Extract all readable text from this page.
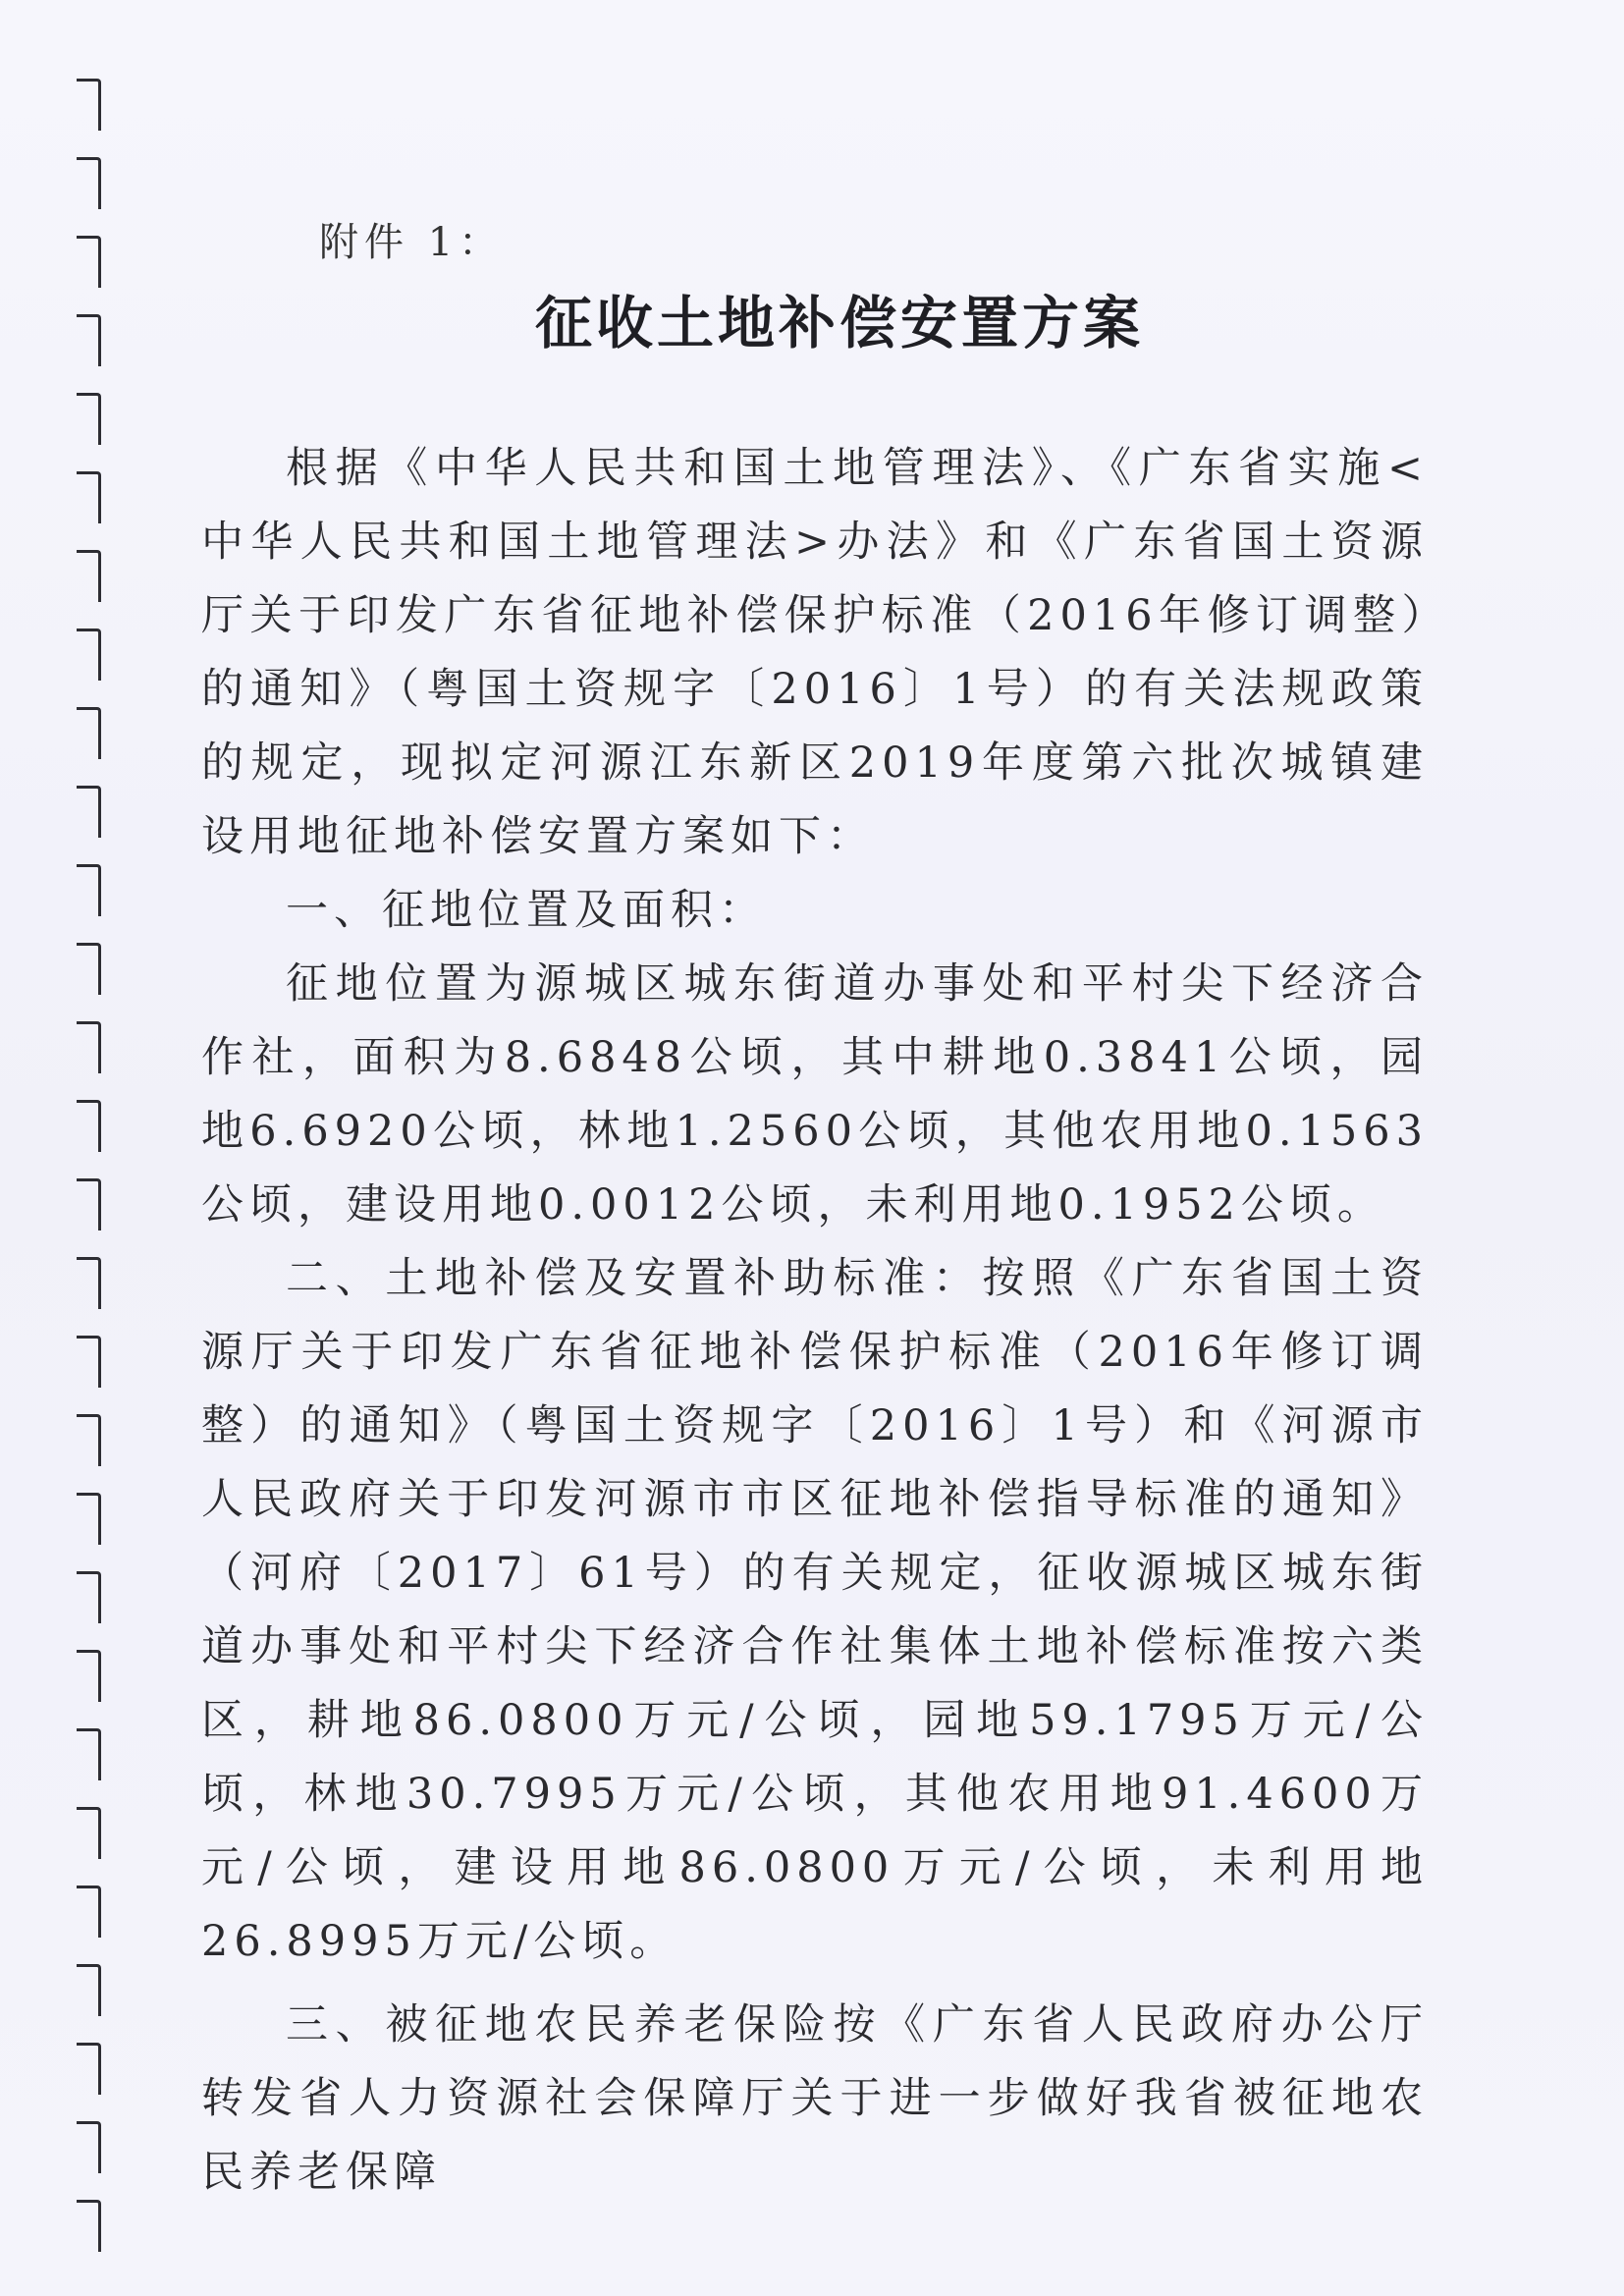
附件 1：
征收土地补偿安置方案

根据《中华人民共和国土地管理法》、《广东省实施<中华人民共和国土地管理法>办法》和《广东省国土资源厅关于印发广东省征地补偿保护标准（2016年修订调整）的通知》（粤国土资规字〔2016〕1号）的有关法规政策的规定，现拟定河源江东新区2019年度第六批次城镇建设用地征地补偿安置方案如下：

一、征地位置及面积：

征地位置为源城区城东街道办事处和平村尖下经济合作社，面积为8.6848公顷，其中耕地0.3841公顷，园地6.6920公顷，林地1.2560公顷，其他农用地0.1563公顷，建设用地0.0012公顷，未利用地0.1952公顷。

二、土地补偿及安置补助标准：按照《广东省国土资源厅关于印发广东省征地补偿保护标准（2016年修订调整）的通知》（粤国土资规字〔2016〕1号）和《河源市人民政府关于印发河源市市区征地补偿指导标准的通知》（河府〔2017〕61号）的有关规定，征收源城区城东街道办事处和平村尖下经济合作社集体土地补偿标准按六类区，耕地86.0800万元/公顷，园地59.1795万元/公顷，林地30.7995万元/公顷，其他农用地91.4600万元/公顷，建设用地86.0800万元/公顷，未利用地26.8995万元/公顷。

三、被征地农民养老保险按《广东省人民政府办公厅转发省人力资源社会保障厅关于进一步做好我省被征地农民养老保障
